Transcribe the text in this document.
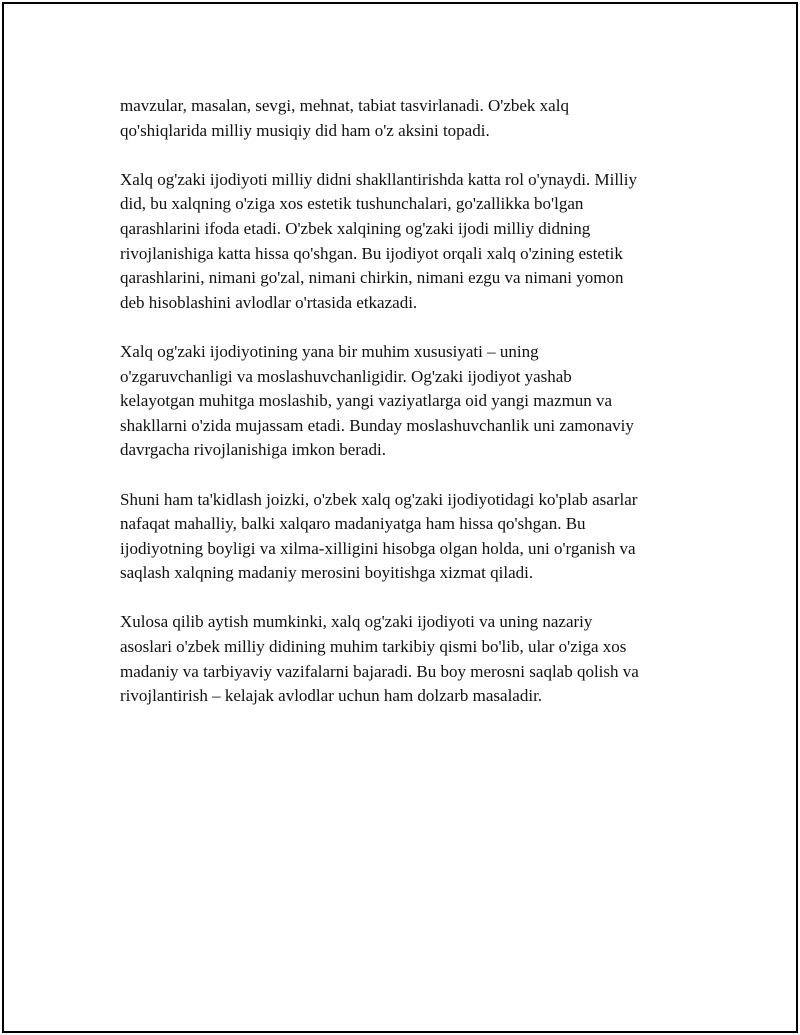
mavzular, masalan, sevgi, mehnat, tabiat tasvirlanadi. O'zbek xalq
qo'shiqlarida milliy musiqiy did ham o'z aksini topadi.

Xalq og'zaki ijodiyoti milliy didni shakllantirishda katta rol o'ynaydi. Milliy
did, bu xalqning o'ziga xos estetik tushunchalari, go'zallikka bo'lgan
qarashlarini ifoda etadi. O'zbek xalqining og'zaki ijodi milliy didning
rivojlanishiga katta hissa qo'shgan. Bu ijodiyot orqali xalq o'zining estetik
qarashlarini, nimani go'zal, nimani chirkin, nimani ezgu va nimani yomon
deb hisoblashini avlodlar o'rtasida etkazadi.

Xalq og'zaki ijodiyotining yana bir muhim xususiyati – uning
o'zgaruvchanligi va moslashuvchanligidir. Og'zaki ijodiyot yashab
kelayotgan muhitga moslashib, yangi vaziyatlarga oid yangi mazmun va
shakllarni o'zida mujassam etadi. Bunday moslashuvchanlik uni zamonaviy
davrgacha rivojlanishiga imkon beradi.

Shuni ham ta'kidlash joizki, o'zbek xalq og'zaki ijodiyotidagi ko'plab asarlar
nafaqat mahalliy, balki xalqaro madaniyatga ham hissa qo'shgan. Bu
ijodiyotning boyligi va xilma-xilligini hisobga olgan holda, uni o'rganish va
saqlash xalqning madaniy merosini boyitishga xizmat qiladi.

Xulosa qilib aytish mumkinki, xalq og'zaki ijodiyoti va uning nazariy
asoslari o'zbek milliy didining muhim tarkibiy qismi bo'lib, ular o'ziga xos
madaniy va tarbiyaviy vazifalarni bajaradi. Bu boy merosni saqlab qolish va
rivojlantirish – kelajak avlodlar uchun ham dolzarb masaladir.
